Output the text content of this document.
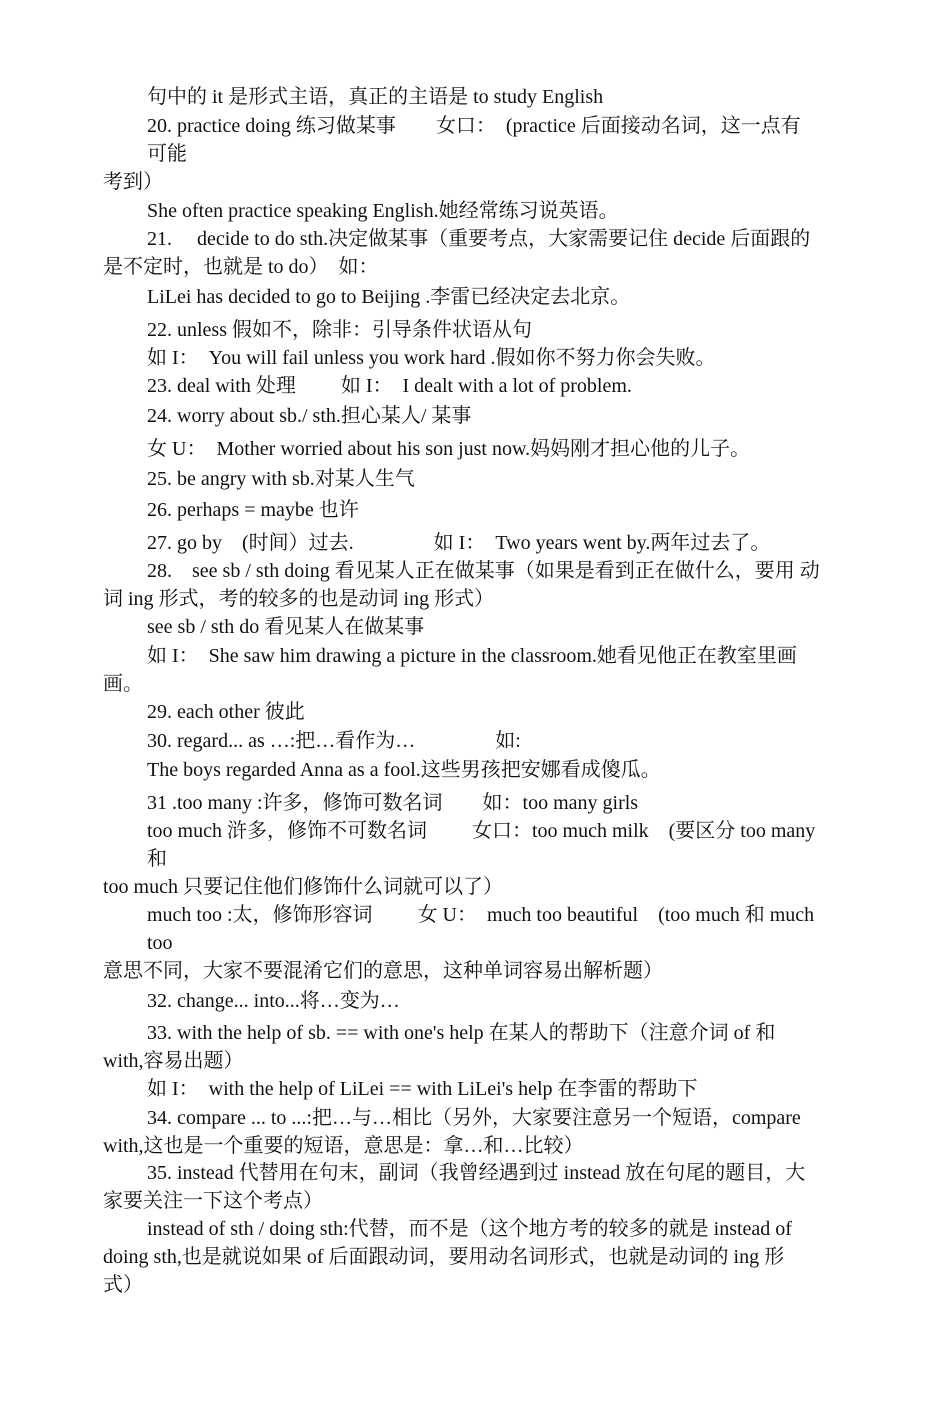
句中的 it 是形式主语，真正的主语是 to study English
20. practice doing 练习做某事　　女口：　(practice 后面接动名词，这一点有
可能
考到）
She often practice speaking English.她经常练习说英语。
21.　 decide to do sth.决定做某事（重要考点，大家需要记住 decide 后面跟的
是不定时，也就是 to do）　如：
LiLei has decided to go to Beijing .李雷已经决定去北京。
22. unless 假如不，除非：引导条件状语从句
如 I：　You will fail unless you work hard .假如你不努力你会失败。
23. deal with 处理　　 如 I：　I dealt with a lot of problem.
24. worry about sb./ sth.担心某人/ 某事
女 U：　Mother worried about his son just now.妈妈刚才担心他的儿子。
25. be angry with sb.对某人生气
26. perhaps = maybe 也许
27. go by　(时间）过去.　　　　如 I：　Two years went by.两年过去了。
28.　see sb / sth doing 看见某人正在做某事（如果是看到正在做什么，要用 动
词 ing 形式，考的较多的也是动词 ing 形式）
see sb / sth do 看见某人在做某事
如 I：　She saw him drawing a picture in the classroom.她看见他正在教室里画
画。
29. each other 彼此
30. regard... as …:把…看作为…　　　　如:
The boys regarded Anna as a fool.这些男孩把安娜看成傻瓜。
31 .too many :许多，修饰可数名词　　如：too many girls
too much 浒多，修饰不可数名词　　 女口：too much milk　(要区分 too many
和
too much 只要记住他们修饰什么词就可以了）
much too :太，修饰形容词　　 女 U：　much too beautiful　(too much 和 much
too
意思不同，大家不要混淆它们的意思，这种单词容易出解析题）
32. change... into...将…变为…
33. with the help of sb. == with one's help 在某人的帮助下（注意介词 of 和
with,容易出题）
如 I：　with the help of LiLei == with LiLei's help 在李雷的帮助下
34. compare ... to ...:把…与…相比（另外，大家要注意另一个短语，compare
with,这也是一个重要的短语，意思是：拿…和…比较）
35. instead 代替用在句末，副词（我曾经遇到过 instead 放在句尾的题目，大
家要关注一下这个考点）
instead of sth / doing sth:代替，而不是（这个地方考的较多的就是 instead of
doing sth,也是就说如果 of 后面跟动词，要用动名词形式，也就是动词的 ing 形
式）
